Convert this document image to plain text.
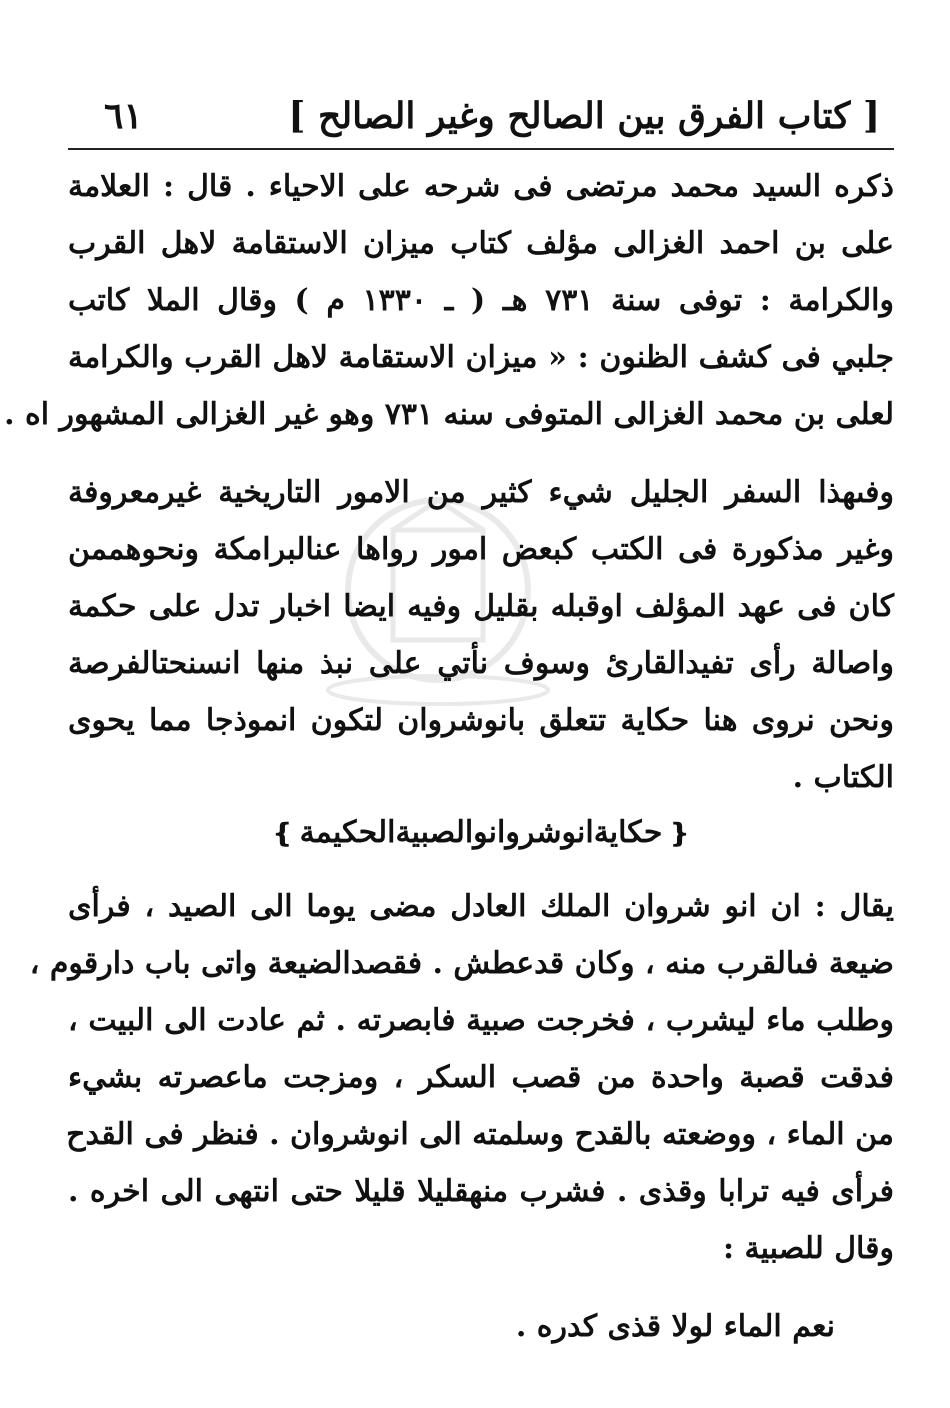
[ كتاب الفرق بين الصالح وغير الصالح ]
٦١
ذكره السيد محمد مرتضى فى شرحه على الاحياء . قال : العلامة
على بن احمد الغزالى مؤلف كتاب ميزان الاستقامة لاهل القرب
والكرامة : توفى سنة ٧٣١ هـ ( ـ ١٣٣٠ م ) وقال الملا كاتب
جلبي فى كشف الظنون : « ميزان الاستقامة لاهل القرب والكرامة
لعلى بن محمد الغزالى المتوفى سنه ٧٣١ وهو غير الغزالى المشهور اه .
وفىهذا السفر الجليل شيء كثير من الامور التاريخية غيرمعروفة
وغير مذكورة فى الكتب كبعض امور رواها عنالبرامكة ونحوهممن
كان فى عهد المؤلف اوقبله بقليل وفيه ايضا اخبار تدل على حكمة
واصالة رأى تفيدالقارئ وسوف نأتي على نبذ منها انسنحتالفرصة
ونحن نروى هنا حكاية تتعلق بانوشروان لتكون انموذجا مما يحوى
الكتاب .
❴حكايةانوشروانوالصبيةالحكيمة❵
يقال : ان انو شروان الملك العادل مضى يوما الى الصيد ، فرأى
ضيعة فىالقرب منه ، وكان قدعطش . فقصدالضيعة واتى باب دارقوم ،
وطلب ماء ليشرب ، فخرجت صبية فابصرته . ثم عادت الى البيت ،
فدقت قصبة واحدة من قصب السكر ، ومزجت ماعصرته بشيء
من الماء ، ووضعته بالقدح وسلمته الى انوشروان . فنظر فى القدح
فرأى فيه ترابا وقذى . فشرب منهقليلا قليلا حتى انتهى الى اخره .
وقال للصبية :
نعم الماء لولا قذى كدره .
